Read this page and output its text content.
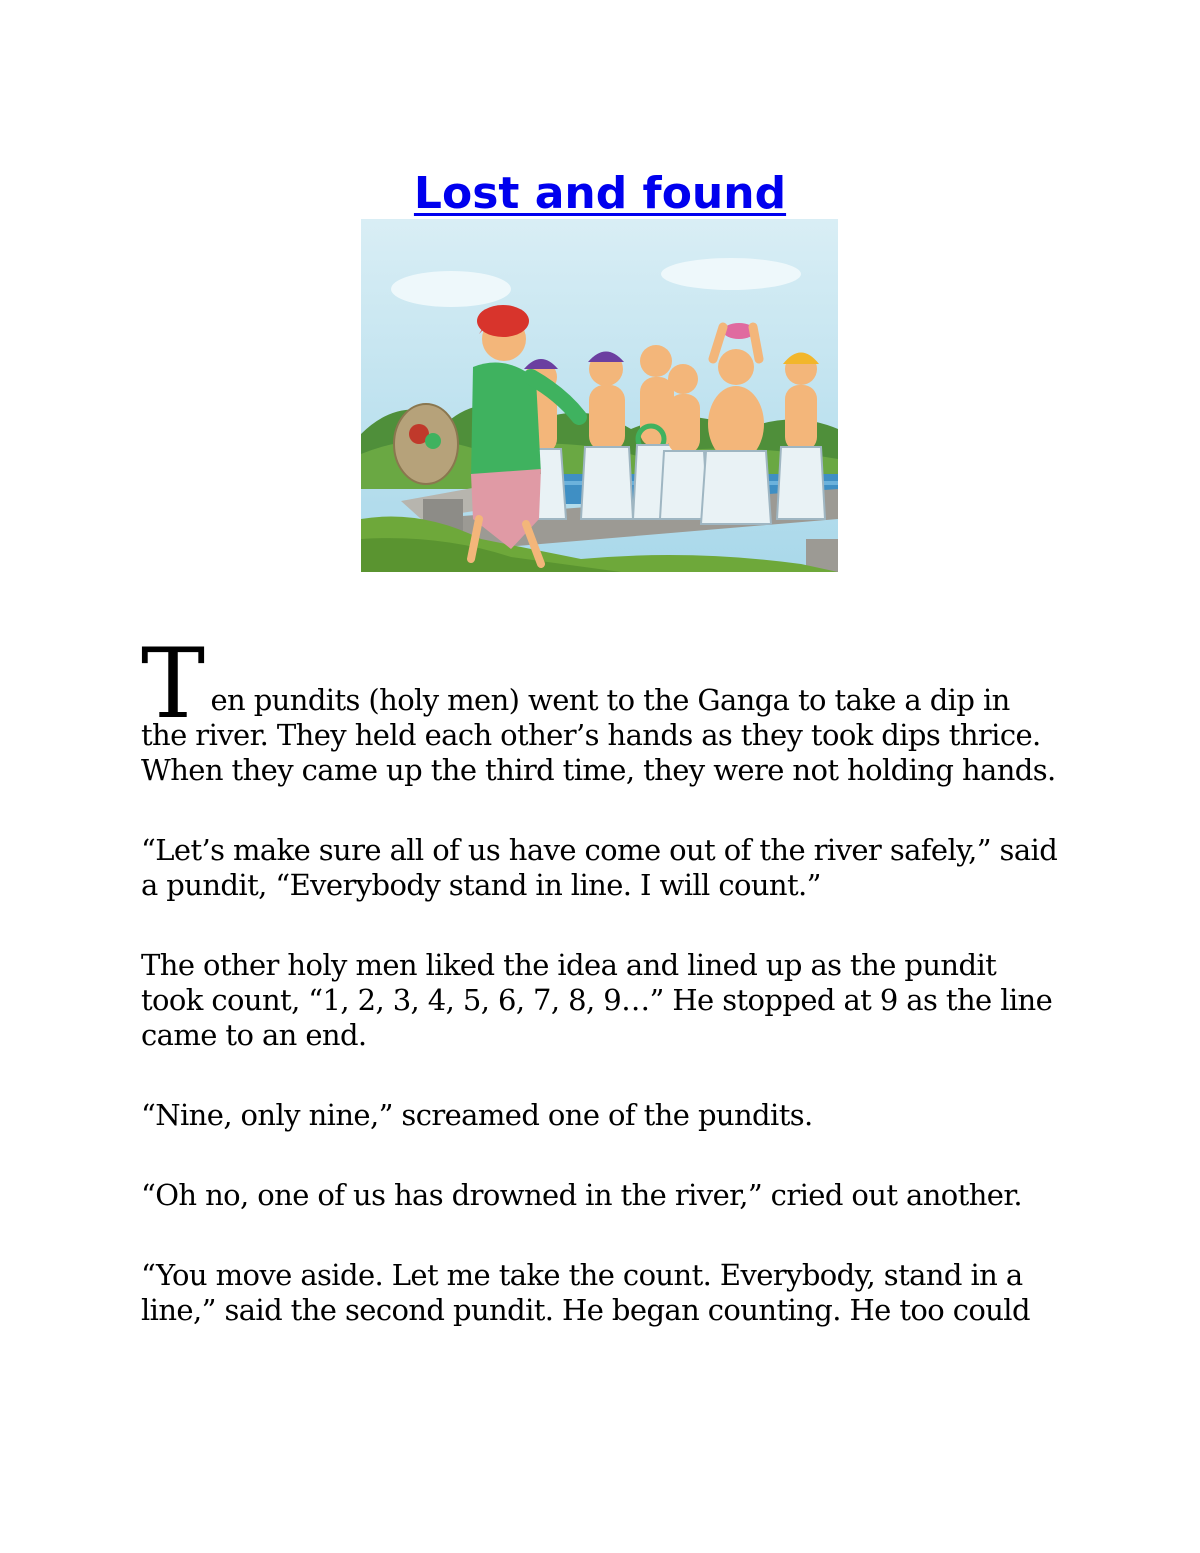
Lost and found

Ten pundits (holy men) went to the Ganga to take a dip in the river. They held each other’s hands as they took dips thrice. When they came up the third time, they were not holding hands.

“Let’s make sure all of us have come out of the river safely,” said a pundit, “Everybody stand in line. I will count.”

The other holy men liked the idea and lined up as the pundit took count, “1, 2, 3, 4, 5, 6, 7, 8, 9…” He stopped at 9 as the line came to an end.

“Nine, only nine,” screamed one of the pundits.

“Oh no, one of us has drowned in the river,” cried out another.

“You move aside. Let me take the count. Everybody, stand in a line,” said the second pundit. He began counting. He too could
